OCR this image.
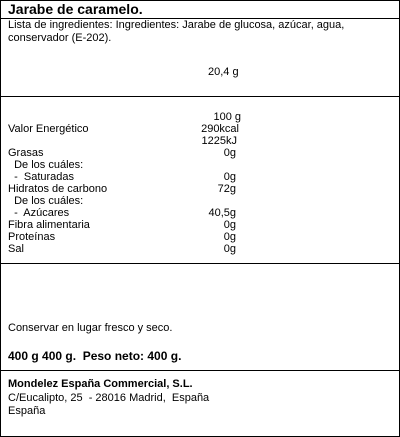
Jarabe de caramelo.
Lista de ingredientes: Ingredientes: Jarabe de glucosa, azúcar, agua, conservador (E-202).
20,4 g
100 g
Valor Energético	290kcal
1225kJ
Grasas	0g
De los cuáles:
-  Saturadas	0g
Hidratos de carbono	72g
De los cuáles:
-  Azúcares	40,5g
Fibra alimentaria	0g
Proteínas	0g
Sal	0g
Conservar en lugar fresco y seco.
400 g 400 g.  Peso neto: 400 g.
Mondelez España Commercial, S.L.
C/Eucalipto, 25  - 28016 Madrid,  España
España
